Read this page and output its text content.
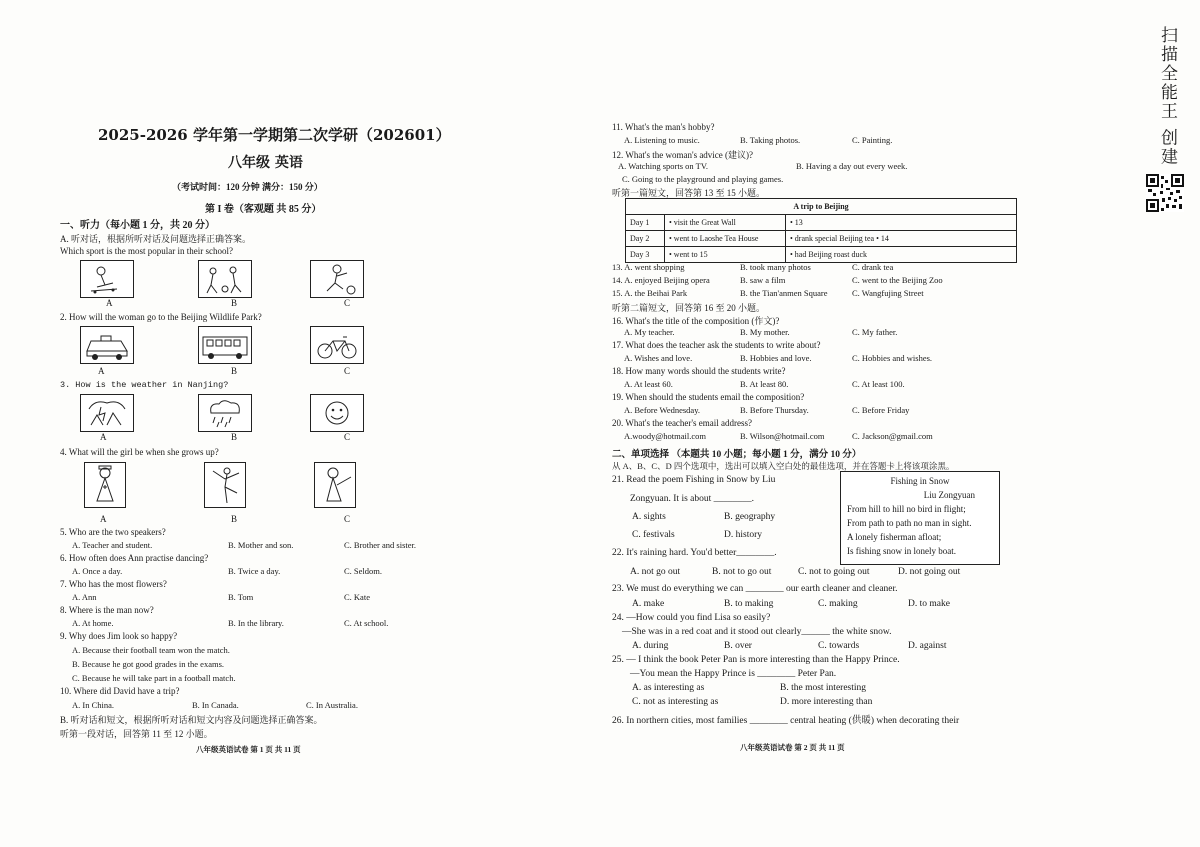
2025-2026 学年第一学期第二次学研（202601）
八年级 英语
（考试时间：120 分钟 满分：150 分）
第 I 卷（客观题 共 85 分）
一、听力（每小题 1 分，共 20 分）
A. 听对话，根据所听对话及问题选择正确答案。
Which sport is the most popular in their school?
A	B	C
2. How will the woman go to the Beijing Wildlife Park?
A	B	C
3. How is the weather in Nanjing?
A	B	C
4. What will the girl be when she grows up?
A	B	C
5. Who are the two speakers?
A. Teacher and student.	B. Mother and son.	C. Brother and sister.
6. How often does Ann practise dancing?
A. Once a day.	B. Twice a day.	C. Seldom.
7. Who has the most flowers?
A. Ann	B. Tom	C. Kate
8. Where is the man now?
A. At home.	B. In the library.	C. At school.
9. Why does Jim look so happy?
A. Because their football team won the match.
B. Because he got good grades in the exams.
C. Because he will take part in a football match.
10. Where did David have a trip?
A. In China.	B. In Canada.	C. In Australia.
B. 听对话和短文，根据所听对话和短文内容及问题选择正确答案。
听第一段对话，回答第 11 至 12 小题。
八年级英语试卷 第 1 页 共 11 页
11. What's the man's hobby?
A. Listening to music.	B. Taking photos.	C. Painting.
12. What's the woman's advice (建议)?
A. Watching sports on TV.	B. Having a day out every week.
C. Going to the playground and playing games.
听第一篇短文，回答第 13 至 15 小题。
A trip to Beijing		
Day 1	• visit the Great Wall	• 13
Day 2	• went to Laoshe Tea House	• drank special Beijing tea • 14
Day 3	• went to 15	• had Beijing roast duck
13. A. went shopping	B. took many photos	C. drank tea
14. A. enjoyed Beijing opera	B. saw a film	C. went to the Beijing Zoo
15. A. the Beihai Park	B. the Tian'anmen Square	C. Wangfujing Street
听第二篇短文，回答第 16 至 20 小题。
16. What's the title of the composition (作文)?
A. My teacher.	B. My mother.	C. My father.
17. What does the teacher ask the students to write about?
A. Wishes and love.	B. Hobbies and love.	C. Hobbies and wishes.
18. How many words should the students write?
A. At least 60.	B. At least 80.	C. At least 100.
19. When should the students email the composition?
A. Before Wednesday.	B. Before Thursday.	C. Before Friday
20. What's the teacher's email address?
A.woody@hotmail.com	B. Wilson@hotmail.com	C. Jackson@gmail.com
二、单项选择 （本题共 10 小题；每小题 1 分，满分 10 分）
从 A、B、C、D 四个选项中，选出可以填入空白处的最佳选项，并在答题卡上将该项涂黑。
21. Read the poem Fishing in Snow by Liu
Zongyuan. It is about ________.
A. sights	B. geography
C. festivals	D. history
Fishing in Snow
Liu Zongyuan
From hill to hill no bird in flight;
From path to path no man in sight.
A lonely fisherman afloat;
Is fishing snow in lonely boat.
22. It's raining hard. You'd better________.
A. not go out	B. not to go out	C. not to going out	D. not going out
23. We must do everything we can ________ our earth cleaner and cleaner.
A. make	B. to making	C. making	D. to make
24. —How could you find Lisa so easily?
—She was in a red coat and it stood out clearly______ the white snow.
A. during	B. over	C. towards	D. against
25. — I think the book Peter Pan is more interesting than the Happy Prince.
—You mean the Happy Prince is ________ Peter Pan.
A. as interesting as	B. the most interesting
C. not as interesting as	D. more interesting than
26. In northern cities, most families ________ central heating (供暖) when decorating their
八年级英语试卷 第 2 页 共 11 页
扫描全能王 创建
